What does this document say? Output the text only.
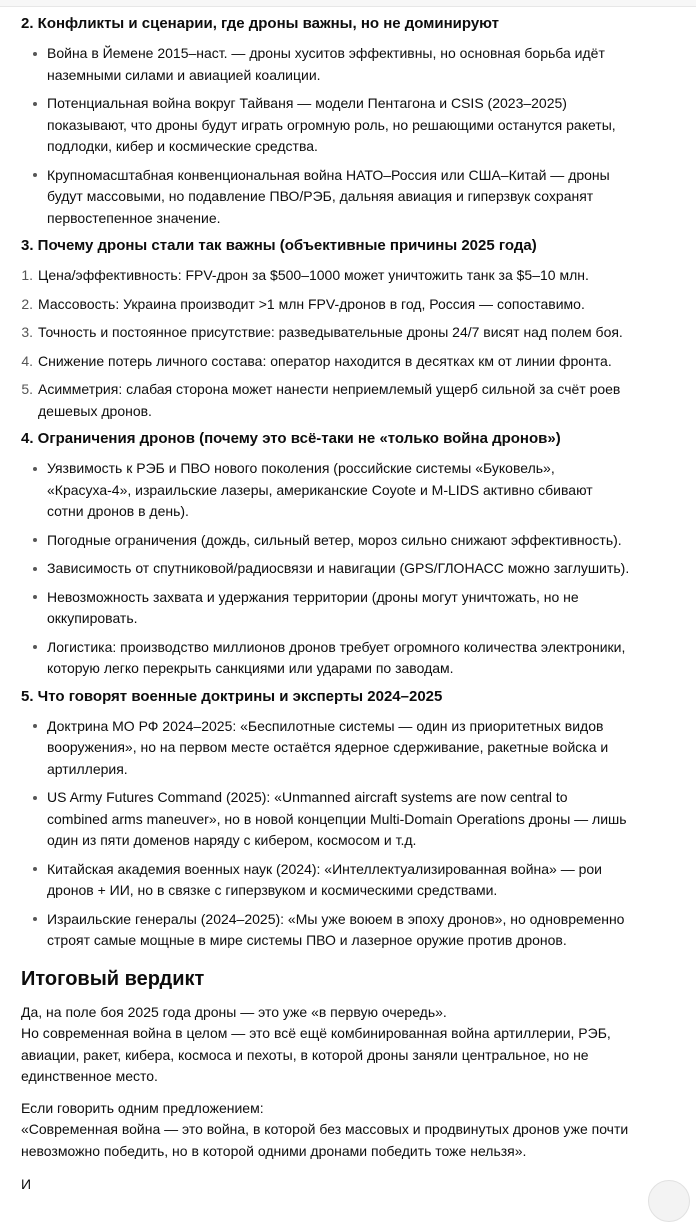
2. Конфликты и сценарии, где дроны важны, но не доминируют
Война в Йемене 2015–наст. — дроны хуситов эффективны, но основная борьба идёт наземными силами и авиацией коалиции.
Потенциальная война вокруг Тайваня — модели Пентагона и CSIS (2023–2025) показывают, что дроны будут играть огромную роль, но решающими останутся ракеты, подлодки, кибер и космические средства.
Крупномасштабная конвенциональная война НАТО–Россия или США–Китай — дроны будут массовыми, но подавление ПВО/РЭБ, дальняя авиация и гиперзвук сохранят первостепенное значение.
3. Почему дроны стали так важны (объективные причины 2025 года)
1. Цена/эффективность: FPV-дрон за $500–1000 может уничтожить танк за $5–10 млн.
2. Массовость: Украина производит >1 млн FPV-дронов в год, Россия — сопоставимо.
3. Точность и постоянное присутствие: разведывательные дроны 24/7 висят над полем боя.
4. Снижение потерь личного состава: оператор находится в десятках км от линии фронта.
5. Асимметрия: слабая сторона может нанести неприемлемый ущерб сильной за счёт роев дешевых дронов.
4. Ограничения дронов (почему это всё-таки не «только война дронов»)
Уязвимость к РЭБ и ПВО нового поколения (российские системы «Буковель», «Красуха-4», израильские лазеры, американские Coyote и M-LIDS активно сбивают сотни дронов в день).
Погодные ограничения (дождь, сильный ветер, мороз сильно снижают эффективность).
Зависимость от спутниковой/радиосвязи и навигации (GPS/ГЛОНАСС можно заглушить).
Невозможность захвата и удержания территории (дроны могут уничтожать, но не оккупировать.
Логистика: производство миллионов дронов требует огромного количества электроники, которую легко перекрыть санкциями или ударами по заводам.
5. Что говорят военные доктрины и эксперты 2024–2025
Доктрина МО РФ 2024–2025: «Беспилотные системы — один из приоритетных видов вооружения», но на первом месте остаётся ядерное сдерживание, ракетные войска и артиллерия.
US Army Futures Command (2025): «Unmanned aircraft systems are now central to combined arms maneuver», но в новой концепции Multi-Domain Operations дроны — лишь один из пяти доменов наряду с кибером, космосом и т.д.
Китайская академия военных наук (2024): «Интеллектуализированная война» — рои дронов + ИИ, но в связке с гиперзвуком и космическими средствами.
Израильские генералы (2024–2025): «Мы уже воюем в эпоху дронов», но одновременно строят самые мощные в мире системы ПВО и лазерное оружие против дронов.
Итоговый вердикт

Да, на поле боя 2025 года дроны — это уже «в первую очередь».
Но современная война в целом — это всё ещё комбинированная война артиллерии, РЭБ, авиации, ракет, кибера, космоса и пехоты, в которой дроны заняли центральное, но не единственное место.

Если говорить одним предложением:
«Современная война — это война, в которой без массовых и продвинутых дронов уже почти невозможно победить, но в которой одними дронами победить тоже нельзя».

И
